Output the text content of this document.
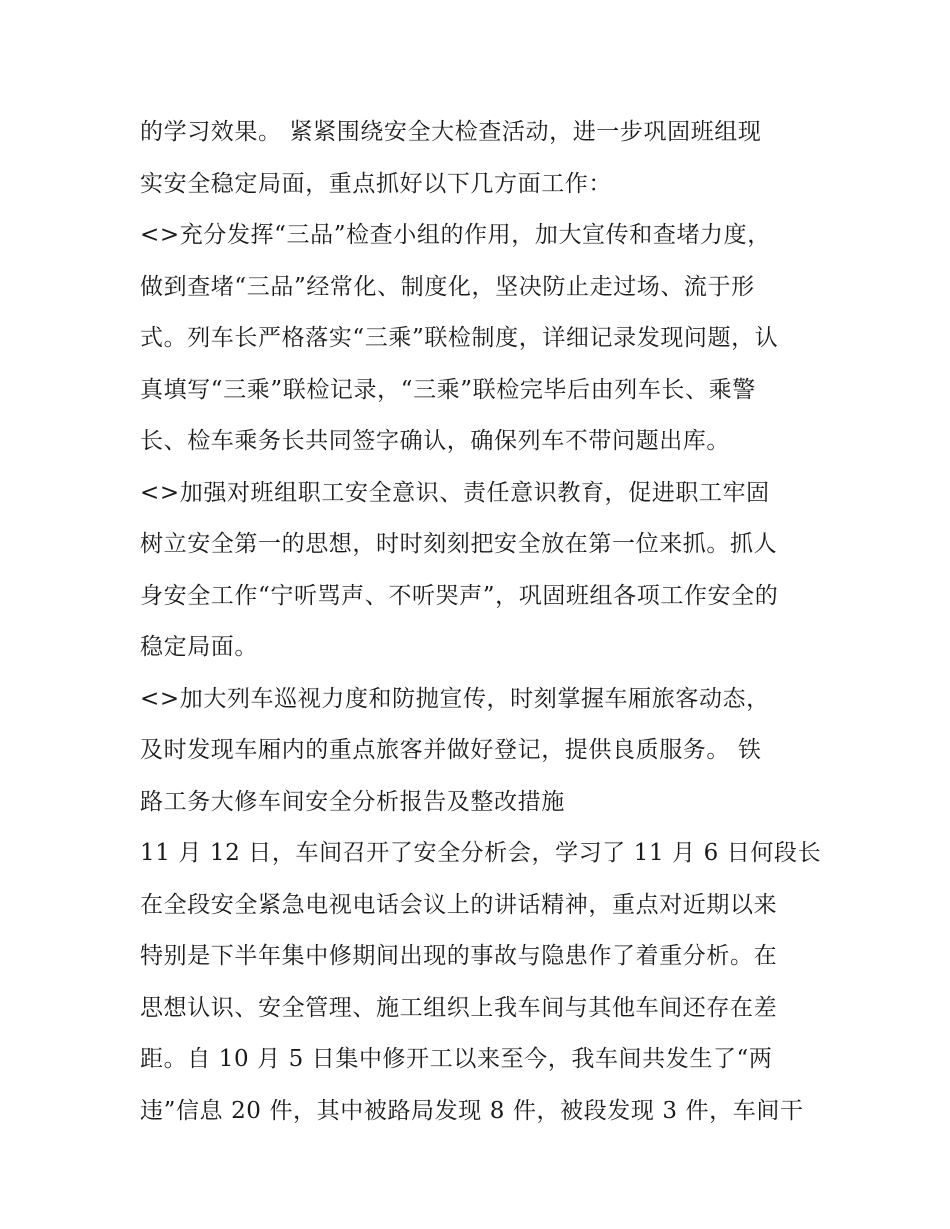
的学习效果。 紧紧围绕安全大检查活动，进一步巩固班组现
实安全稳定局面，重点抓好以下几方面工作：
<>充分发挥“三品”检查小组的作用，加大宣传和查堵力度，
做到查堵“三品”经常化、制度化，坚决防止走过场、流于形
式。列车长严格落实“三乘”联检制度，详细记录发现问题，认
真填写“三乘”联检记录，“三乘”联检完毕后由列车长、乘警
长、检车乘务长共同签字确认，确保列车不带问题出库。
<>加强对班组职工安全意识、责任意识教育，促进职工牢固
树立安全第一的思想，时时刻刻把安全放在第一位来抓。抓人
身安全工作“宁听骂声、不听哭声”，巩固班组各项工作安全的
稳定局面。
<>加大列车巡视力度和防抛宣传，时刻掌握车厢旅客动态，
及时发现车厢内的重点旅客并做好登记，提供良质服务。 铁
路工务大修车间安全分析报告及整改措施
11 月 12 日，车间召开了安全分析会，学习了 11 月 6 日何段长
在全段安全紧急电视电话会议上的讲话精神，重点对近期以来
特别是下半年集中修期间出现的事故与隐患作了着重分析。在
思想认识、安全管理、施工组织上我车间与其他车间还存在差
距。自 10 月 5 日集中修开工以来至今，我车间共发生了“两
违”信息 20 件，其中被路局发现 8 件，被段发现 3 件，车间干
